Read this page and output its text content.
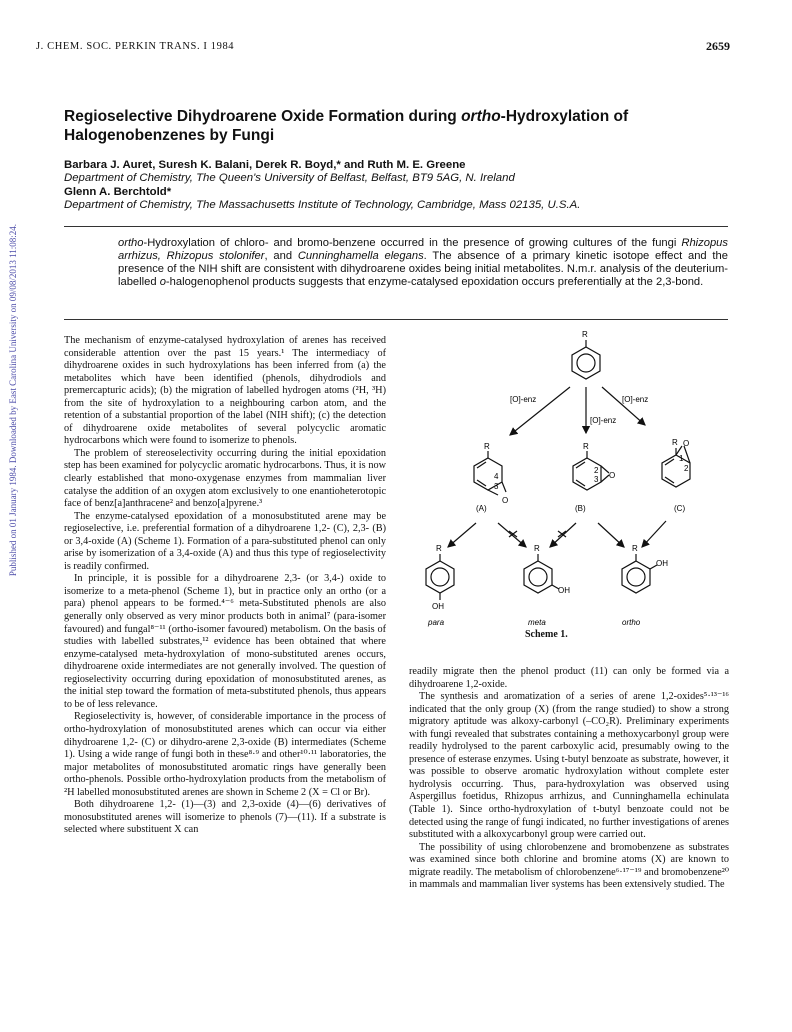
J. CHEM. SOC. PERKIN TRANS. I 1984	2659
Published on 01 January 1984. Downloaded by East Carolina University on 09/08/2013 11:08:24.
Regioselective Dihydroarene Oxide Formation during ortho-Hydroxylation of Halogenobenzenes by Fungi
Barbara J. Auret, Suresh K. Balani, Derek R. Boyd,* and Ruth M. E. Greene
Department of Chemistry, The Queen's University of Belfast, Belfast, BT9 5AG, N. Ireland
Glenn A. Berchtold*
Department of Chemistry, The Massachusetts Institute of Technology, Cambridge, Mass 02135, U.S.A.
ortho-Hydroxylation of chloro- and bromo-benzene occurred in the presence of growing cultures of the fungi Rhizopus arrhizus, Rhizopus stolonifer, and Cunninghamella elegans. The absence of a primary kinetic isotope effect and the presence of the NIH shift are consistent with dihydroarene oxides being initial metabolites. N.m.r. analysis of the deuterium-labelled o-halogenophenol products suggests that enzyme-catalysed epoxidation occurs preferentially at the 2,3-bond.

The mechanism of enzyme-catalysed hydroxylation of arenes has received considerable attention over the past 15 years.¹ The intermediacy of dihydroarene oxides in such hydroxylations has been inferred from (a) the metabolites which have been identified (phenols, dihydrodiols and premercapturic acids); (b) the migration of labelled hydrogen atoms (²H, ³H) from the site of hydroxylation to a neighbouring carbon atom, and the retention of a substantial proportion of the label (NIH shift); (c) the detection of dihydroarene oxide metabolites of several polycyclic aromatic hydrocarbons which were found to isomerize to phenols.

The problem of stereoselectivity occurring during the initial epoxidation step has been examined for polycyclic aromatic hydrocarbons. Thus, it is now clearly established that mono-oxygenase enzymes from mammalian liver catalyse the addition of an oxygen atom exclusively to one enantioheterotopic face of benz[a]anthracene² and benzo[a]pyrene.³

The enzyme-catalysed epoxidation of a monosubstituted arene may be regioselective, i.e. preferential formation of a dihydroarene 1,2- (C), 2,3- (B) or 3,4-oxide (A) (Scheme 1). Formation of a para-substituted phenol can only arise by isomerization of a 3,4-oxide (A) and thus this type of regioselectivity is readily confirmed.

In principle, it is possible for a dihydroarene 2,3- (or 3,4-) oxide to isomerize to a meta-phenol (Scheme 1), but in practice only an ortho (or a para) phenol appears to be formed.⁴⁻⁶ meta-Substituted phenols are also generally only observed as very minor products both in animal⁷ (para-isomer favoured) and fungal⁸⁻¹¹ (ortho-isomer favoured) metabolism. On the basis of studies with labelled substrates,¹² evidence has been obtained that where enzyme-catalysed meta-hydroxylation of mono-substituted arenes occurs, dihydroarene oxide intermediates are not generally involved. The question of regioselectivity occurring during epoxidation of monosubstituted arenes, as the initial step toward the formation of meta-substituted phenols, thus appears to be of less relevance.

Regioselectivity is, however, of considerable importance in the process of ortho-hydroxylation of monosubstituted arenes which can occur via either dihydroarene 1,2- (C) or dihydro-arene 2,3-oxide (B) intermediates (Scheme 1). Using a wide range of fungi both in these⁸·⁹ and other¹⁰·¹¹ laboratories, the major metabolites of monosubstituted aromatic rings have generally been ortho-phenols. Possible ortho-hydroxylation products from the metabolism of ²H labelled monosubstituted arenes are shown in Scheme 2 (X = Cl or Br).

Both dihydroarene 1,2- (1)—(3) and 2,3-oxide (4)—(6) derivatives of monosubstituted arenes will isomerize to phenols (7)—(11). If a substrate is selected where substituent X can

R
[O]-enz
[O]-enz
[O]-enz
R	R	R
4
3
O
2
3 O
1
2
O
(A)	(B)	(C)
R	R	R
OH
OH
OH
para	meta	ortho
Scheme 1.

readily migrate then the phenol product (11) can only be formed via a dihydroarene 1,2-oxide.

The synthesis and aromatization of a series of arene 1,2-oxides⁵·¹³⁻¹⁶ indicated that the only group (X) (from the range studied) to show a strong migratory aptitude was alkoxy-carbonyl (–CO₂R). Preliminary experiments with fungi revealed that substrates containing a methoxycarbonyl group were readily hydrolysed to the parent carboxylic acid, presumably owing to the presence of esterase enzymes. Using t-butyl benzoate as substrate, however, it was possible to observe aromatic hydroxylation without complete ester hydrolysis occurring. Thus, para-hydroxylation was observed using Aspergillus foetidus, Rhizopus arrhizus, and Cunninghamella echinulata (Table 1). Since ortho-hydroxylation of t-butyl benzoate could not be detected using the range of fungi indicated, no further investigations of arenes substituted with a alkoxycarbonyl group were carried out.

The possibility of using chlorobenzene and bromobenzene as substrates was examined since both chlorine and bromine atoms (X) are known to migrate readily. The metabolism of chlorobenzene⁶·¹⁷⁻¹⁹ and bromobenzene²⁰ in mammals and mammalian liver systems has been extensively studied. The
